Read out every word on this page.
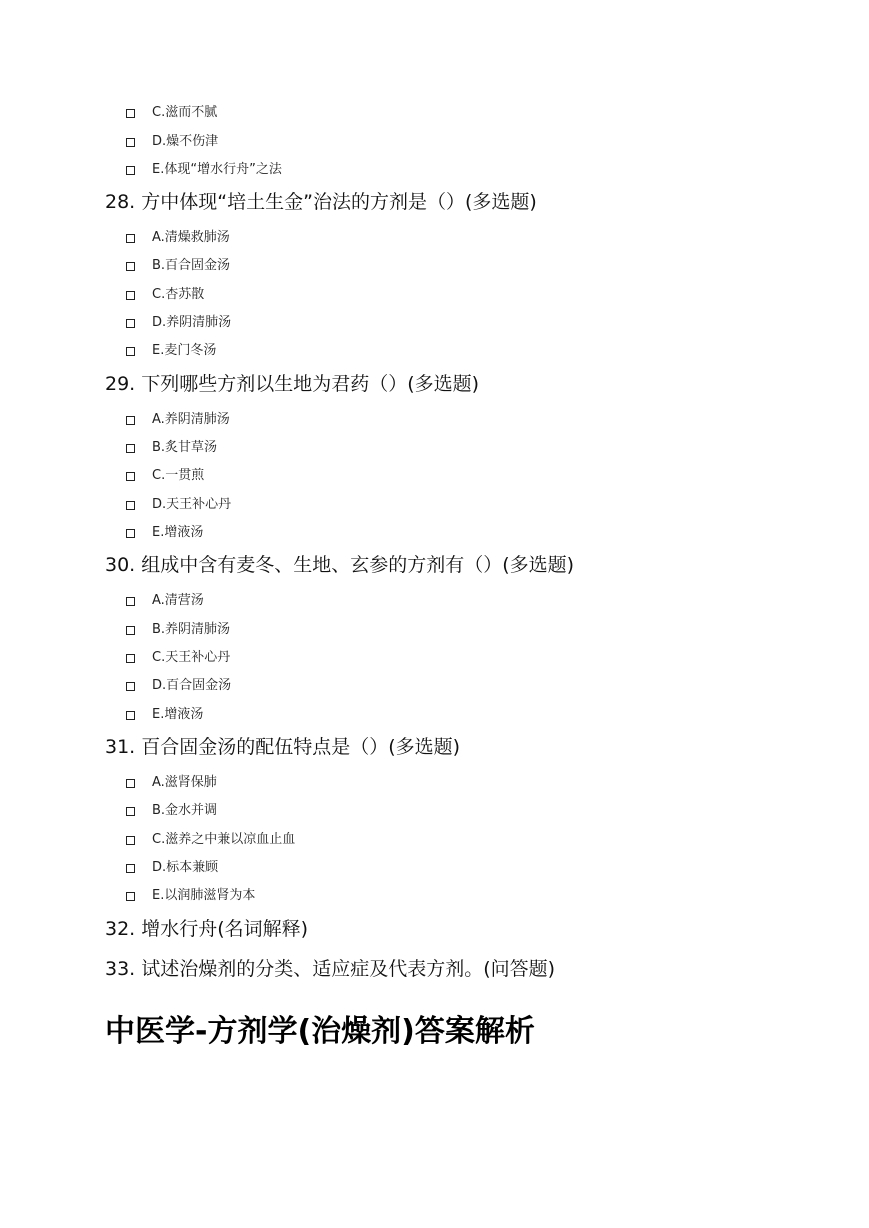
C.滋而不腻
D.燥不伤津
E.体现“增水行舟”之法
28. 方中体现“培土生金”治法的方剂是（）(多选题)
A.清燥救肺汤
B.百合固金汤
C.杏苏散
D.养阴清肺汤
E.麦门冬汤
29. 下列哪些方剂以生地为君药（）(多选题)
A.养阴清肺汤
B.炙甘草汤
C.一贯煎
D.天王补心丹
E.增液汤
30. 组成中含有麦冬、生地、玄参的方剂有（）(多选题)
A.清营汤
B.养阴清肺汤
C.天王补心丹
D.百合固金汤
E.增液汤
31. 百合固金汤的配伍特点是（）(多选题)
A.滋肾保肺
B.金水并调
C.滋养之中兼以凉血止血
D.标本兼顾
E.以润肺滋肾为本
32. 增水行舟(名词解释)
33. 试述治燥剂的分类、适应症及代表方剂。(问答题)
中医学-方剂学(治燥剂)答案解析
